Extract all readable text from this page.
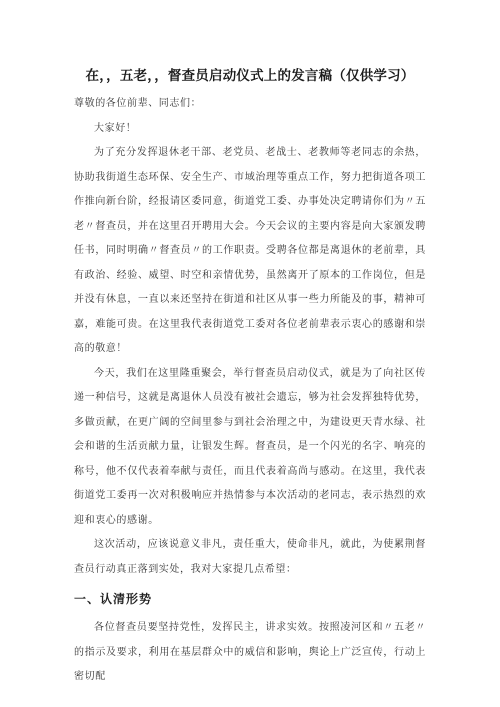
在，，五老，，督查员启动仪式上的发言稿（仅供学习）

尊敬的各位前辈、同志们：

大家好！

为了充分发挥退休老干部、老党员、老战士、老教师等老同志的余热，协助我街道生态环保、安全生产、市域治理等重点工作，努力把街道各项工作推向新台阶，经报请区委同意，街道党工委、办事处决定聘请你们为〃五老〃督查员，并在这里召开聘用大会。今天会议的主要内容是向大家颁发聘任书，同时明确〃督查员〃的工作职责。受聘各位都是离退休的老前辈，具有政治、经验、威望、时空和亲情优势，虽然离开了原本的工作岗位，但是并没有休息，一直以来还坚持在街道和社区从事一些力所能及的事，精神可嘉，难能可贵。在这里我代表街道党工委对各位老前辈表示衷心的感谢和崇高的敬意！

今天，我们在这里隆重聚会，举行督查员启动仪式，就是为了向社区传递一种信号，这就是离退休人员没有被社会遗忘，够为社会发挥独特优势，多做贡献，在更广阔的空间里参与到社会治理之中，为建设更天青水绿、社会和谐的生活贡献力量，让银发生辉。督查员，是一个闪光的名字、响亮的称号，他不仅代表着奉献与责任，而且代表着高尚与感动。在这里，我代表街道党工委再一次对积极响应并热情参与本次活动的老同志，表示热烈的欢迎和衷心的感谢。

这次活动，应该说意义非凡，责任重大，使命非凡，就此，为使累荆督查员行动真正落到实处，我对大家提几点希望：

一、认清形势

各位督查员要坚持党性，发挥民主，讲求实效。按照凌河区和〃五老〃的指示及要求，利用在基层群众中的威信和影响，舆论上广泛宣传，行动上密切配
